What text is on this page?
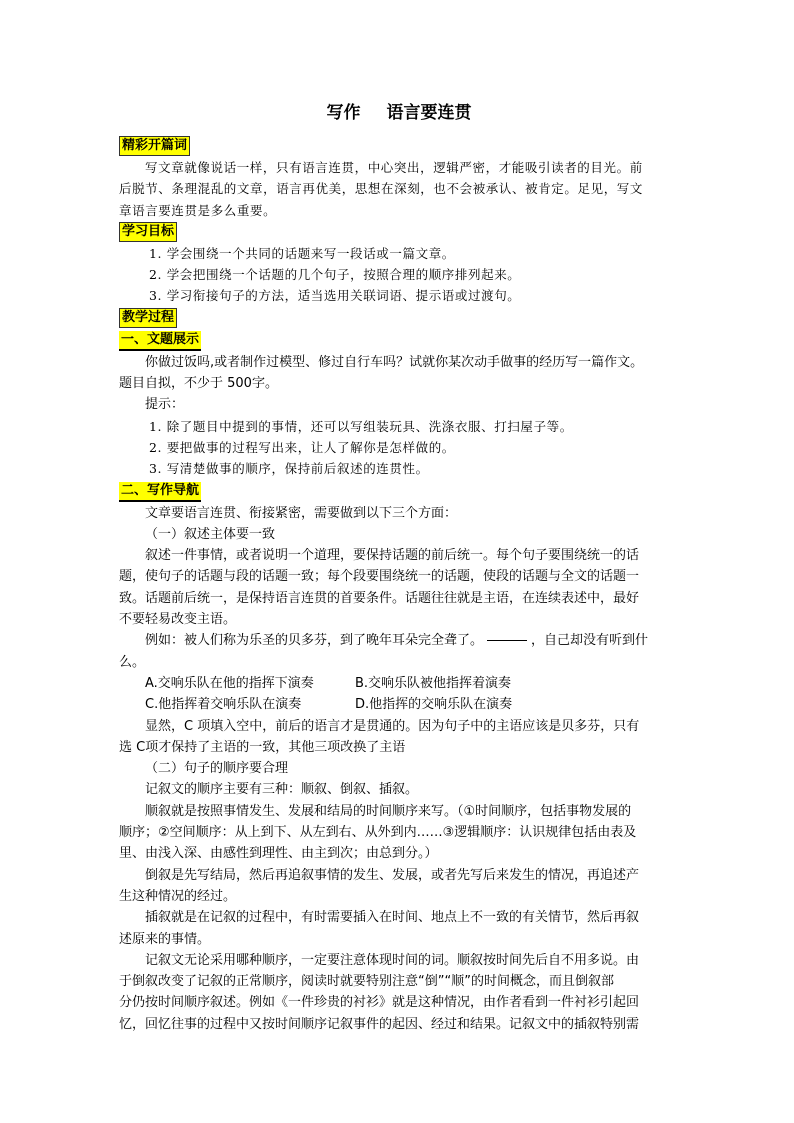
写作 语言要连贯
精彩开篇词
写文章就像说话一样，只有语言连贯，中心突出，逻辑严密，才能吸引读者的目光。前
后脱节、条理混乱的文章，语言再优美，思想在深刻，也不会被承认、被肯定。足见，写文
章语言要连贯是多么重要。
学习目标
1. 学会围绕一个共同的话题来写一段话或一篇文章。
2. 学会把围绕一个话题的几个句子，按照合理的顺序排列起来。
3. 学习衔接句子的方法，适当选用关联词语、提示语或过渡句。
教学过程
一、文题展示
你做过饭吗,或者制作过模型、修过自行车吗？试就你某次动手做事的经历写一篇作文。
题目自拟，不少于 500字。
提示：
1. 除了题目中提到的事情，还可以写组装玩具、洗涤衣服、打扫屋子等。
2. 要把做事的过程写出来，让人了解你是怎样做的。
3. 写清楚做事的顺序，保持前后叙述的连贯性。
二、写作导航
文章要语言连贯、衔接紧密，需要做到以下三个方面：
（一）叙述主体要一致
叙述一件事情，或者说明一个道理，要保持话题的前后统一。每个句子要围绕统一的话
题，使句子的话题与段的话题一致；每个段要围绕统一的话题，使段的话题与全文的话题一
致。话题前后统一，是保持语言连贯的首要条件。话题往往就是主语，在连续表述中，最好
不要轻易改变主语。
例如：被人们称为乐圣的贝多芬，到了晚年耳朵完全聋了。	，自己却没有听到什
么。
A.交响乐队在他的指挥下演奏	B.交响乐队被他指挥着演奏
C.他指挥着交响乐队在演奏	D.他指挥的交响乐队在演奏
显然，C 项填入空中，前后的语言才是贯通的。因为句子中的主语应该是贝多芬，只有
选 C项才保持了主语的一致，其他三项改换了主语
（二）句子的顺序要合理
记叙文的顺序主要有三种：顺叙、倒叙、插叙。
顺叙就是按照事情发生、发展和结局的时间顺序来写。（①时间顺序，包括事物发展的
顺序；②空间顺序：从上到下、从左到右、从外到内……③逻辑顺序：认识规律包括由表及
里、由浅入深、由感性到理性、由主到次；由总到分。）
倒叙是先写结局，然后再追叙事情的发生、发展，或者先写后来发生的情况，再追述产
生这种情况的经过。
插叙就是在记叙的过程中，有时需要插入在时间、地点上不一致的有关情节，然后再叙
述原来的事情。
记叙文无论采用哪种顺序，一定要注意体现时间的词。顺叙按时间先后自不用多说。由
于倒叙改变了记叙的正常顺序，阅读时就要特别注意“倒”“顺”的时间概念，而且倒叙部
分仍按时间顺序叙述。例如《一件珍贵的衬衫》就是这种情况，由作者看到一件衬衫引起回
忆，回忆往事的过程中又按时间顺序记叙事件的起因、经过和结果。记叙文中的插叙特别需
